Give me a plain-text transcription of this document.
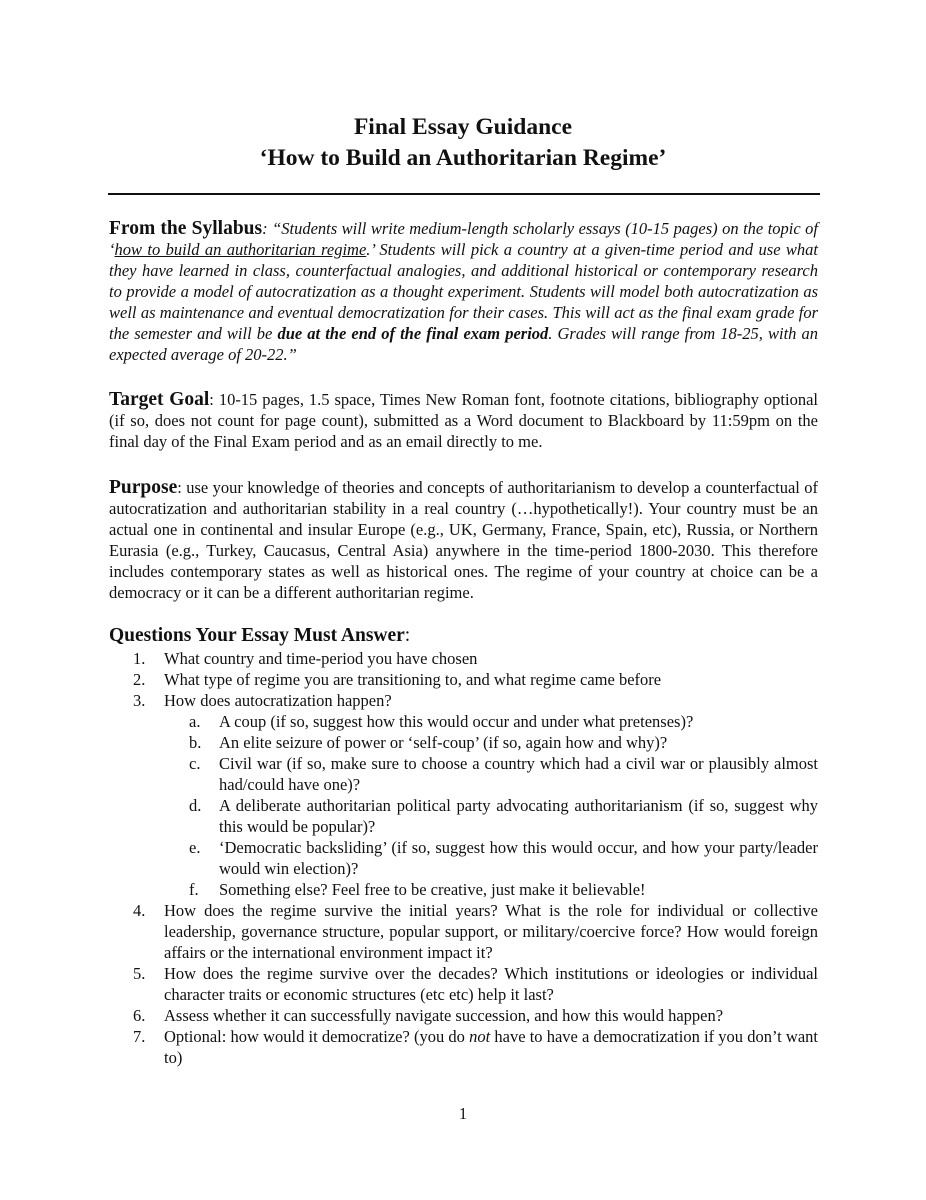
Final Essay Guidance
‘How to Build an Authoritarian Regime’
From the Syllabus: “Students will write medium-length scholarly essays (10-15 pages) on the topic of ‘how to build an authoritarian regime.’ Students will pick a country at a given-time period and use what they have learned in class, counterfactual analogies, and additional historical or contemporary research to provide a model of autocratization as a thought experiment. Students will model both autocratization as well as maintenance and eventual democratization for their cases. This will act as the final exam grade for the semester and will be due at the end of the final exam period. Grades will range from 18-25, with an expected average of 20-22.”
Target Goal: 10-15 pages, 1.5 space, Times New Roman font, footnote citations, bibliography optional (if so, does not count for page count), submitted as a Word document to Blackboard by 11:59pm on the final day of the Final Exam period and as an email directly to me.
Purpose: use your knowledge of theories and concepts of authoritarianism to develop a counterfactual of autocratization and authoritarian stability in a real country (…hypothetically!). Your country must be an actual one in continental and insular Europe (e.g., UK, Germany, France, Spain, etc), Russia, or Northern Eurasia (e.g., Turkey, Caucasus, Central Asia) anywhere in the time-period 1800-2030. This therefore includes contemporary states as well as historical ones. The regime of your country at choice can be a democracy or it can be a different authoritarian regime.
Questions Your Essay Must Answer:
1. What country and time-period you have chosen
2. What type of regime you are transitioning to, and what regime came before
3. How does autocratization happen?
a. A coup (if so, suggest how this would occur and under what pretenses)?
b. An elite seizure of power or ‘self-coup’ (if so, again how and why)?
c. Civil war (if so, make sure to choose a country which had a civil war or plausibly almost had/could have one)?
d. A deliberate authoritarian political party advocating authoritarianism (if so, suggest why this would be popular)?
e. ‘Democratic backsliding’ (if so, suggest how this would occur, and how your party/leader would win election)?
f. Something else? Feel free to be creative, just make it believable!
4. How does the regime survive the initial years? What is the role for individual or collective leadership, governance structure, popular support, or military/coercive force? How would foreign affairs or the international environment impact it?
5. How does the regime survive over the decades? Which institutions or ideologies or individual character traits or economic structures (etc etc) help it last?
6. Assess whether it can successfully navigate succession, and how this would happen?
7. Optional: how would it democratize? (you do not have to have a democratization if you don’t want to)
1
